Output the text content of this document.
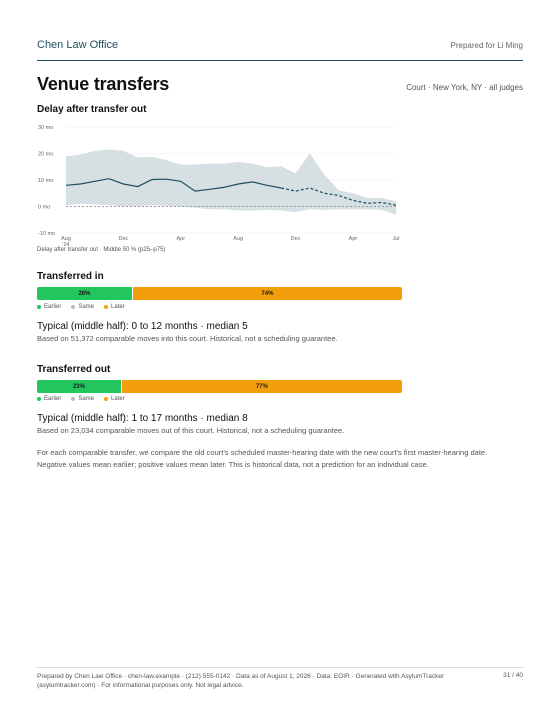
Chen Law Office	Prepared for Li Ming
Venue transfers	Court · New York, NY · all judges
Delay after transfer out
-10 mo
0 mo
10 mo
20 mo
30 mo
Aug
'24
Dec	Apr	Aug	Dec	Apr	Jul
Delay after transfer out · Middle 50 % (p25–p75)
Transferred in
26%	74%
Earlier	Same	Later
Typical (middle half): 0 to 12 months · median 5
Based on 51,372 comparable moves into this court. Historical, not a scheduling guarantee.
Transferred out
23%	77%
Earlier	Same	Later
Typical (middle half): 1 to 17 months · median 8
Based on 23,034 comparable moves out of this court. Historical, not a scheduling guarantee.
For each comparable transfer, we compare the old court's scheduled master-hearing date with the new court's first master-hearing date. Negative values mean earlier; positive values mean later. This is historical data, not a prediction for an individual case.
Prepared by Chen Law Office · chen-law.example · (212) 555-0142 · Data as of August 1, 2026 · Data: EOIR · Generated with AsylumTracker (asylumtracker.com) · For informational purposes only. Not legal advice.
31 / 40
